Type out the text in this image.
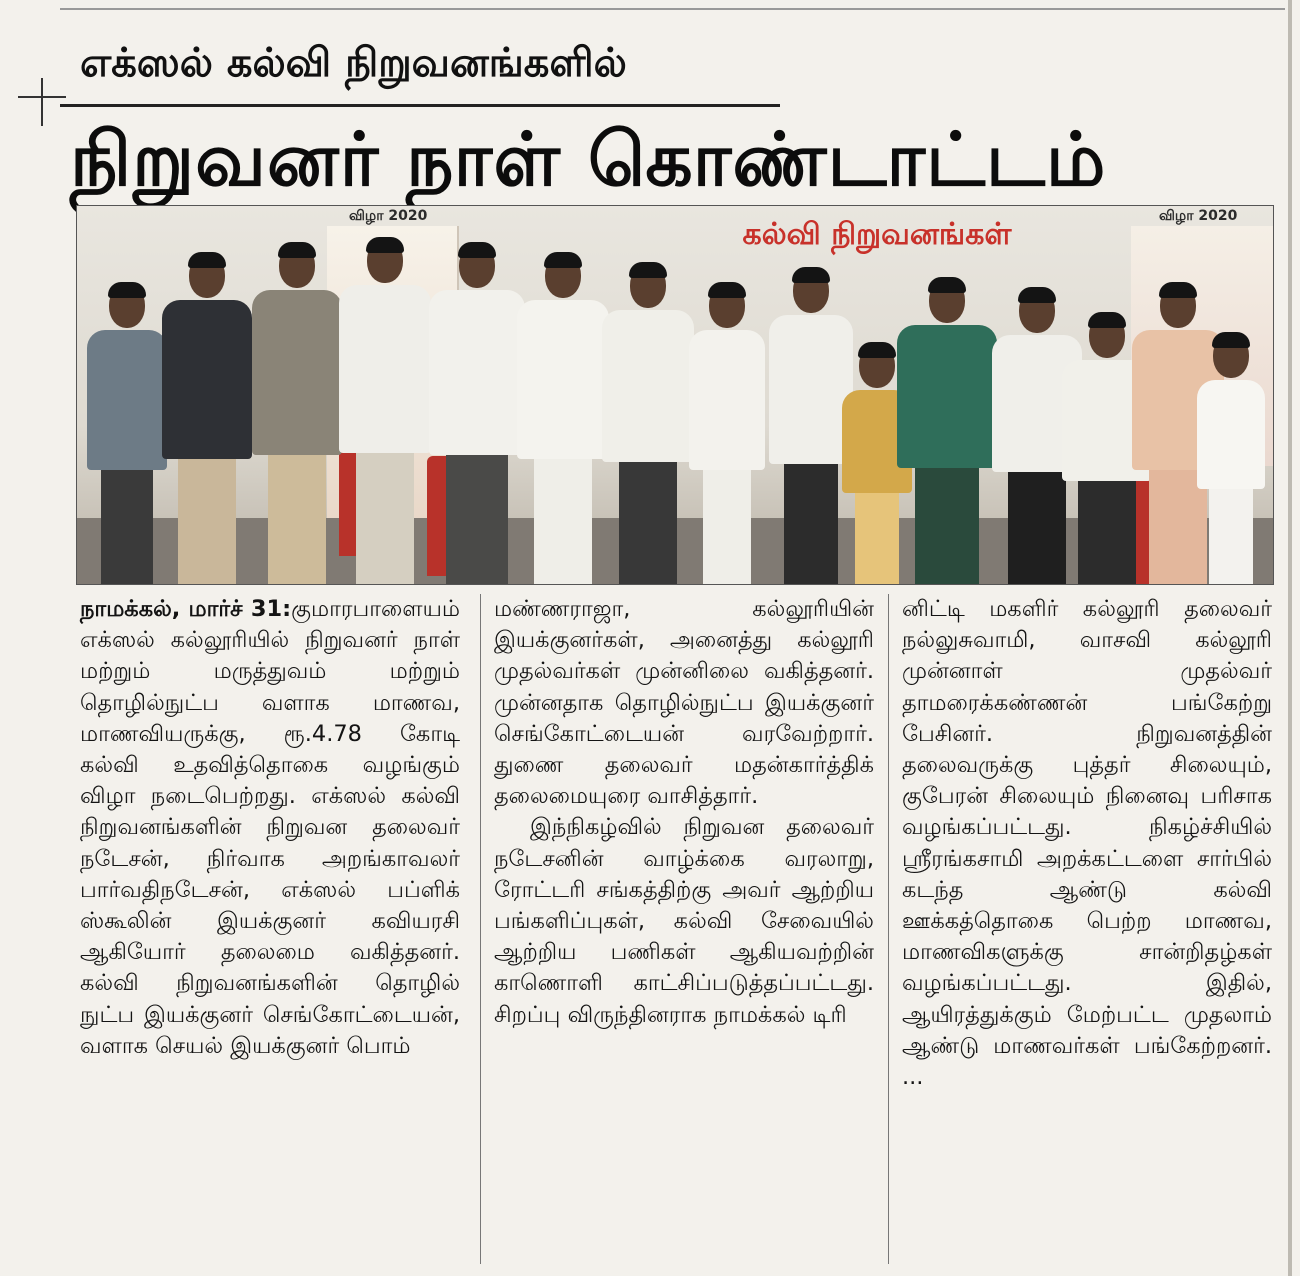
எக்ஸல் கல்வி நிறுவனங்களில்
நிறுவனர் நாள் கொண்டாட்டம்
விழா 2020	விழா 2020
கல்வி நிறுவனங்கள்

நாமக்கல், மார்ச் 31:குமாரபாளையம் எக்ஸல் கல்லூரியில் நிறுவனர் நாள் மற்றும் மருத்துவம் மற்றும் தொழில்நுட்ப வளாக மாணவ, மாணவியருக்கு, ரூ.4.78 கோடி கல்வி உதவித்தொகை வழங்கும் விழா நடைபெற்றது. எக்ஸல் கல்வி நிறுவனங்களின் நிறுவன தலைவர் நடேசன், நிர்வாக அறங்காவலர் பார்வதிநடேசன், எக்ஸல் பப்ளிக் ஸ்கூலின் இயக்குனர் கவியரசி ஆகியோர் தலைமை வகித்தனர். கல்வி நிறுவனங்களின் தொழில் நுட்ப இயக்குனர் செங்கோட்டையன், வளாக செயல் இயக்குனர் பொம்

மண்ணராஜா, கல்லூரியின் இயக்குனர்கள், அனைத்து கல்லூரி முதல்வர்கள் முன்னிலை வகித்தனர். முன்னதாக தொழில்நுட்ப இயக்குனர் செங்கோட்டையன் வரவேற்றார். துணை தலைவர் மதன்கார்த்திக் தலைமையுரை வாசித்தார்.

இந்நிகழ்வில் நிறுவன தலைவர் நடேசனின் வாழ்க்கை வரலாறு, ரோட்டரி சங்கத்திற்கு அவர் ஆற்றிய பங்களிப்புகள், கல்வி சேவையில் ஆற்றிய பணிகள் ஆகியவற்றின் காணொளி காட்சிப்படுத்தப்பட்டது. சிறப்பு விருந்தினராக நாமக்கல் டிரி

னிட்டி மகளிர் கல்லூரி தலைவர் நல்லுசுவாமி, வாசவி கல்லூரி முன்னாள் முதல்வர் தாமரைக்கண்ணன் பங்கேற்று பேசினர். நிறுவனத்தின் தலைவருக்கு புத்தர் சிலையும், குபேரன் சிலையும் நினைவு பரிசாக வழங்கப்பட்டது. நிகழ்ச்சியில் ஸ்ரீரங்கசாமி அறக்கட்டளை சார்பில் கடந்த ஆண்டு கல்வி ஊக்கத்தொகை பெற்ற மாணவ, மாணவிகளுக்கு சான்றிதழ்கள் வழங்கப்பட்டது. இதில், ஆயிரத்துக்கும் மேற்பட்ட முதலாம் ஆண்டு மாணவர்கள் பங்கேற்றனர். ...
